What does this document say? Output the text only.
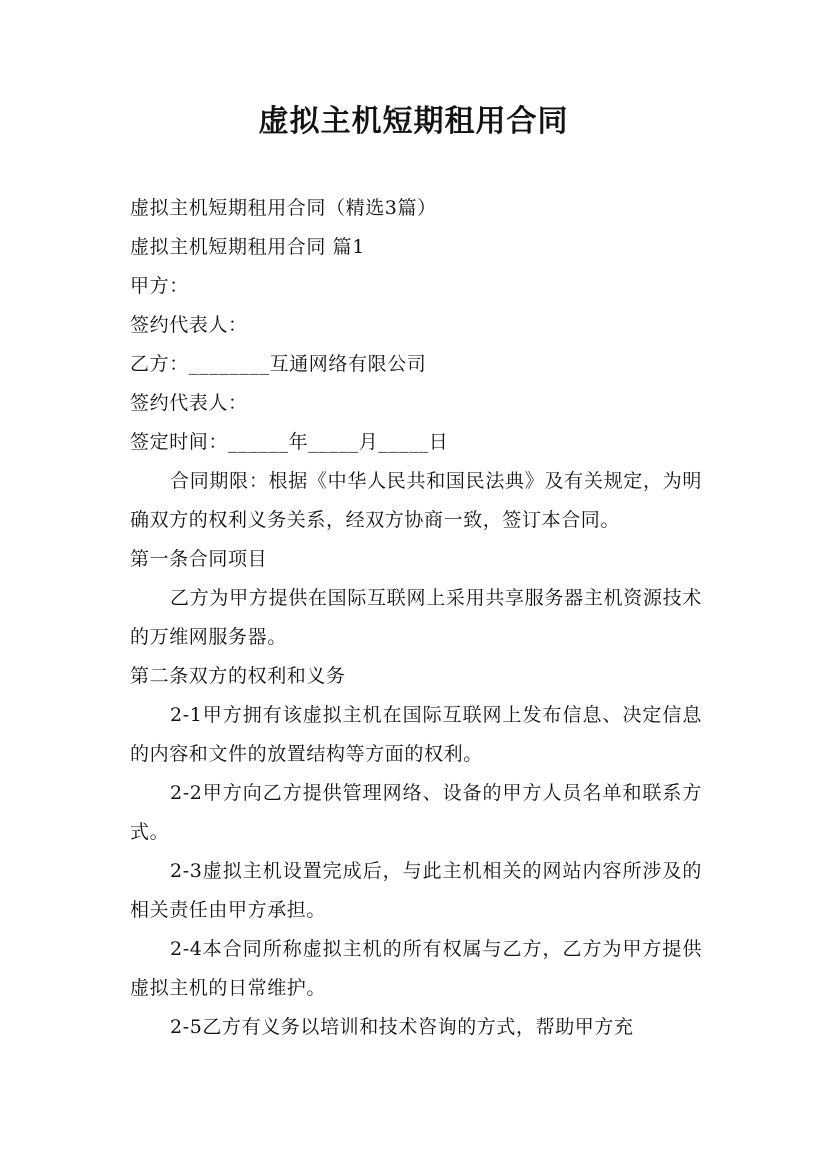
虚拟主机短期租用合同

虚拟主机短期租用合同（精选3篇）

虚拟主机短期租用合同 篇1

甲方：

签约代表人：

乙方：________互通网络有限公司

签约代表人：

签定时间：______年_____月_____日

合同期限：根据《中华人民共和国民法典》及有关规定，为明确双方的权利义务关系，经双方协商一致，签订本合同。

第一条合同项目

乙方为甲方提供在国际互联网上采用共享服务器主机资源技术的万维网服务器。

第二条双方的权利和义务

2-1甲方拥有该虚拟主机在国际互联网上发布信息、决定信息的内容和文件的放置结构等方面的权利。

2-2甲方向乙方提供管理网络、设备的甲方人员名单和联系方式。

2-3虚拟主机设置完成后，与此主机相关的网站内容所涉及的相关责任由甲方承担。

2-4本合同所称虚拟主机的所有权属与乙方，乙方为甲方提供虚拟主机的日常维护。

2-5乙方有义务以培训和技术咨询的方式，帮助甲方充
